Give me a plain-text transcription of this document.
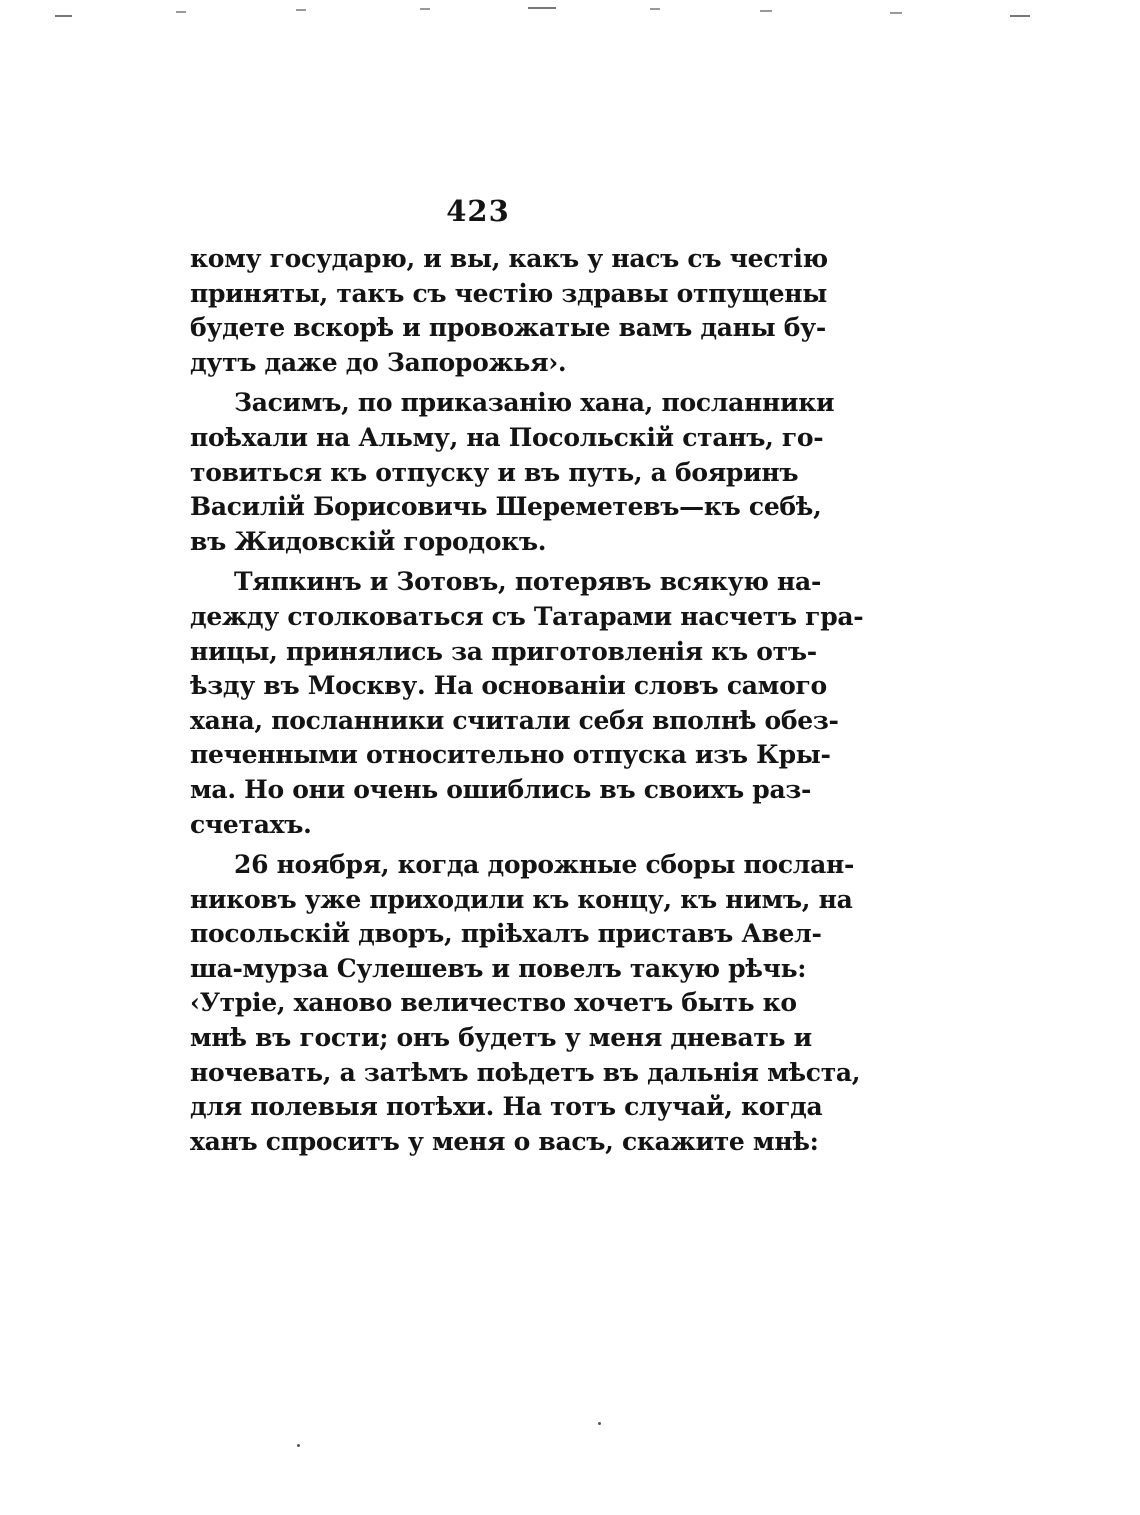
423
кому государю, и вы, какъ у насъ съ честію
приняты, такъ съ честію здравы отпущены
будете вскорѣ и провожатые вамъ даны бу-
дутъ даже до Запорожья›.
Засимъ, по приказанію хана, посланники
поѣхали на Альму, на Посольскій станъ, го-
товиться къ отпуску и въ путь, а бояринъ
Василій Борисовичь Шереметевъ—къ себѣ,
въ Жидовскій городокъ.
Тяпкинъ и Зотовъ, потерявъ всякую на-
дежду столковаться съ Татарами насчетъ гра-
ницы, принялись за приготовленія къ отъ-
ѣзду въ Москву. На основаніи словъ самого
хана, посланники считали себя вполнѣ обез-
печенными относительно отпуска изъ Кры-
ма. Но они очень ошиблись въ своихъ раз-
счетахъ.
26 ноября, когда дорожные сборы послан-
никовъ уже приходили къ концу, къ нимъ, на
посольскій дворъ, пріѣхалъ приставъ Авел-
ша-мурза Сулешевъ и повелъ такую рѣчь:
‹Утріе, ханово величество хочетъ быть ко
мнѣ въ гости; онъ будетъ у меня дневать и
ночевать, а затѣмъ поѣдетъ въ дальнія мѣста,
для полевыя потѣхи. На тотъ случай, когда
ханъ спроситъ у меня о васъ, скажите мнѣ:
